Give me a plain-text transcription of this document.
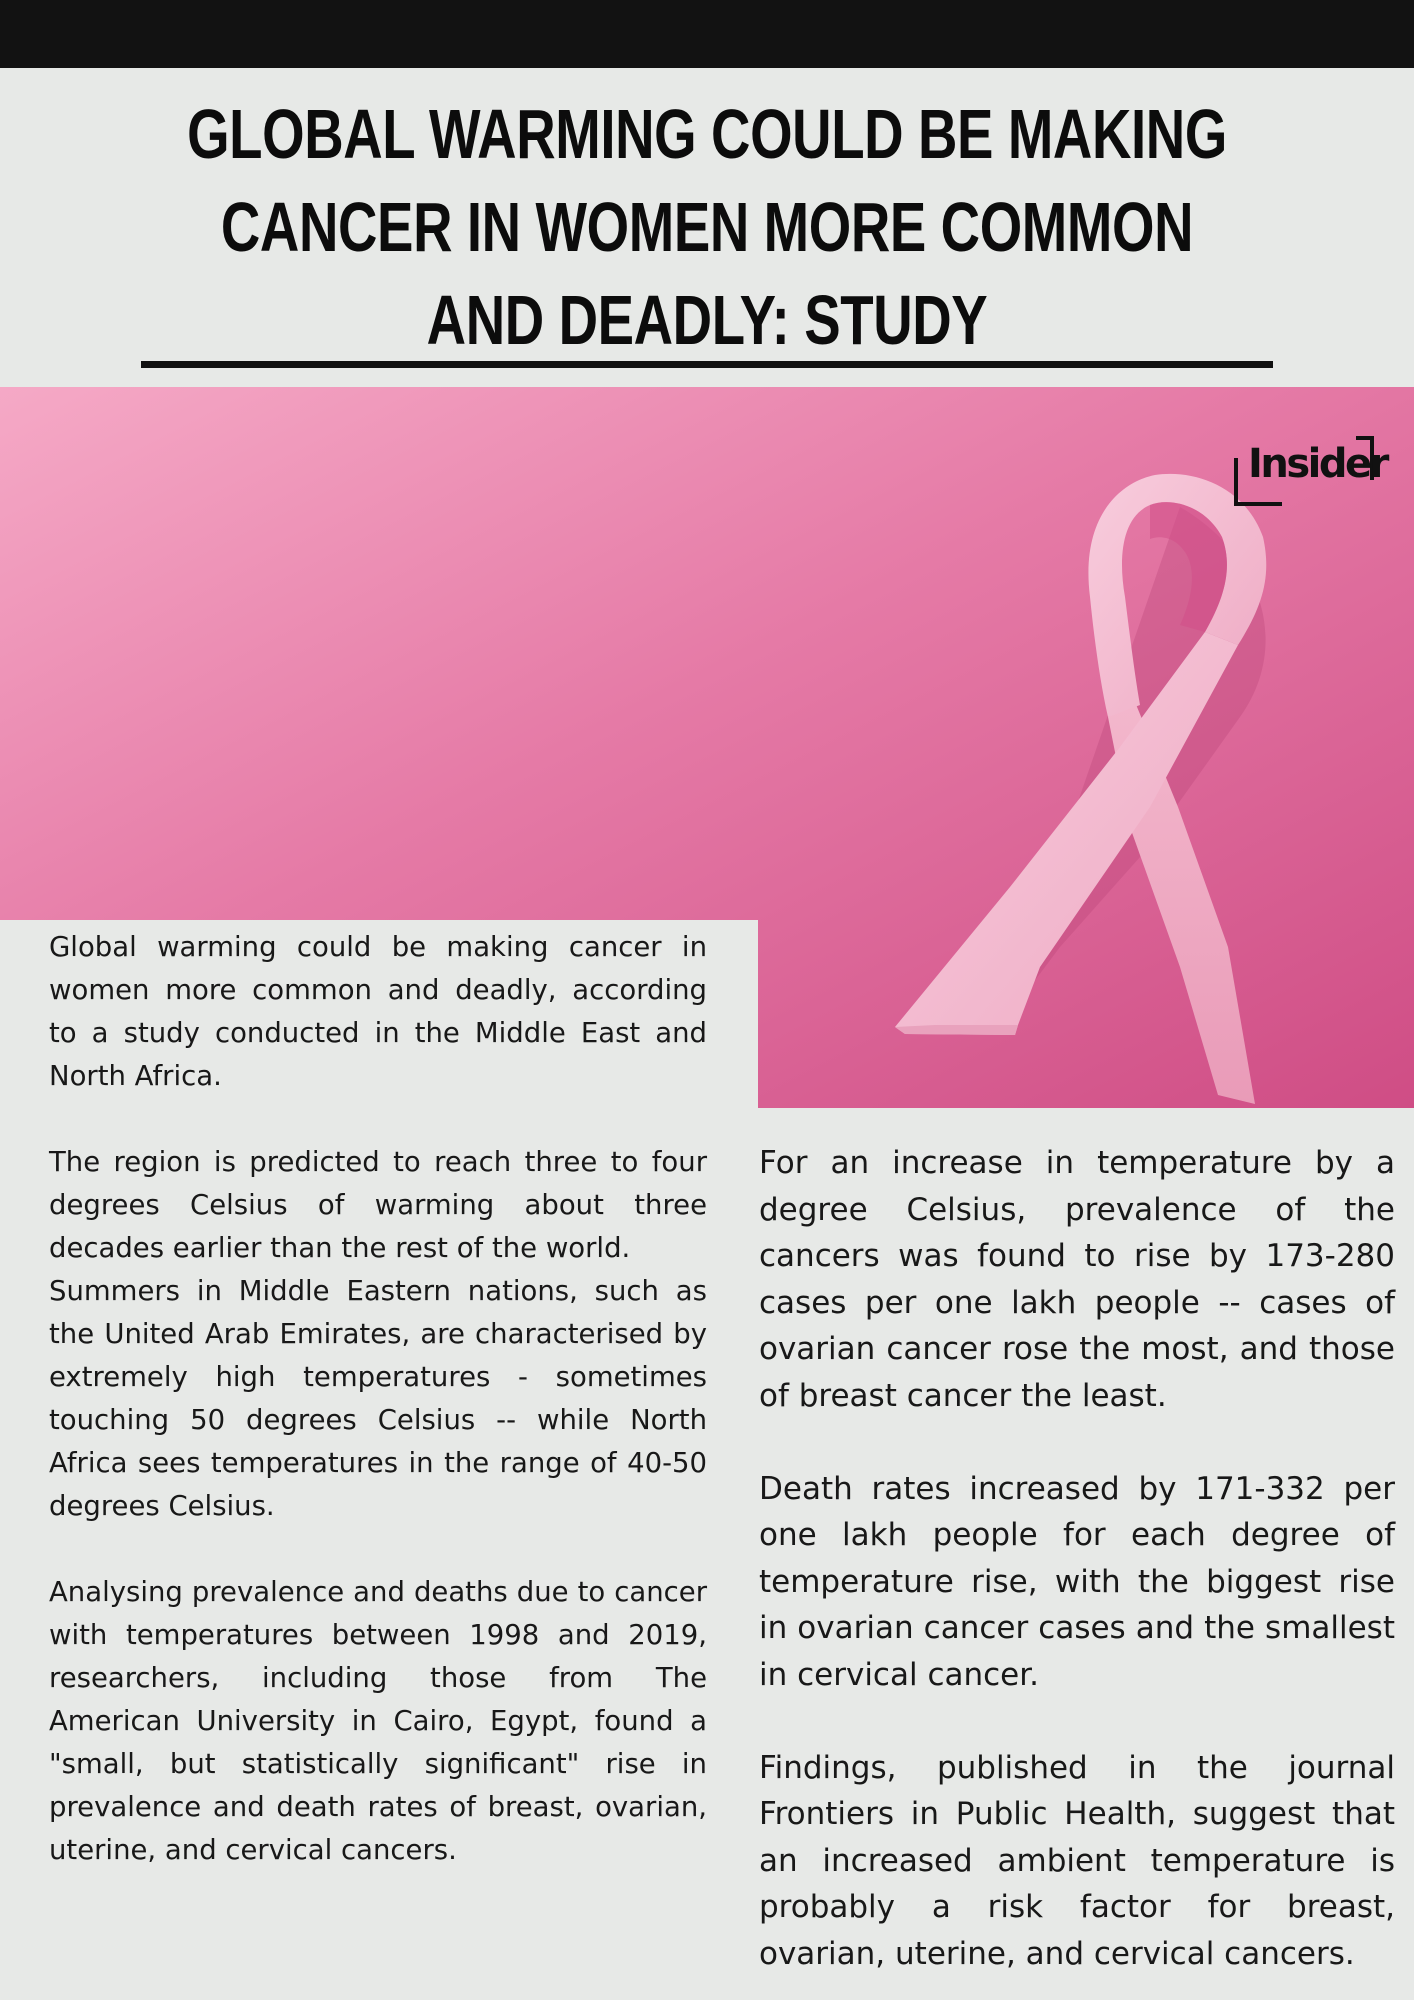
GLOBAL WARMING COULD BE MAKING CANCER IN WOMEN MORE COMMON AND DEADLY: STUDY
Insider

Global warming could be making cancer in women more common and deadly, according to a study conducted in the Middle East and North Africa.

The region is predicted to reach three to four degrees Celsius of warming about three decades earlier than the rest of the world.

Summers in Middle Eastern nations, such as the United Arab Emirates, are characterised by extremely high temperatures - sometimes touching 50 degrees Celsius -- while North Africa sees temperatures in the range of 40-50 degrees Celsius.

Analysing prevalence and deaths due to cancer with temperatures between 1998 and 2019, researchers, including those from The American University in Cairo, Egypt, found a "small, but statistically significant" rise in prevalence and death rates of breast, ovarian, uterine, and cervical cancers.

For an increase in temperature by a degree Celsius, prevalence of the cancers was found to rise by 173-280 cases per one lakh people -- cases of ovarian cancer rose the most, and those of breast cancer the least.

Death rates increased by 171-332 per one lakh people for each degree of temperature rise, with the biggest rise in ovarian cancer cases and the smallest in cervical cancer.

Findings, published in the journal Frontiers in Public Health, suggest that an increased ambient temperature is probably a risk factor for breast, ovarian, uterine, and cervical cancers.
